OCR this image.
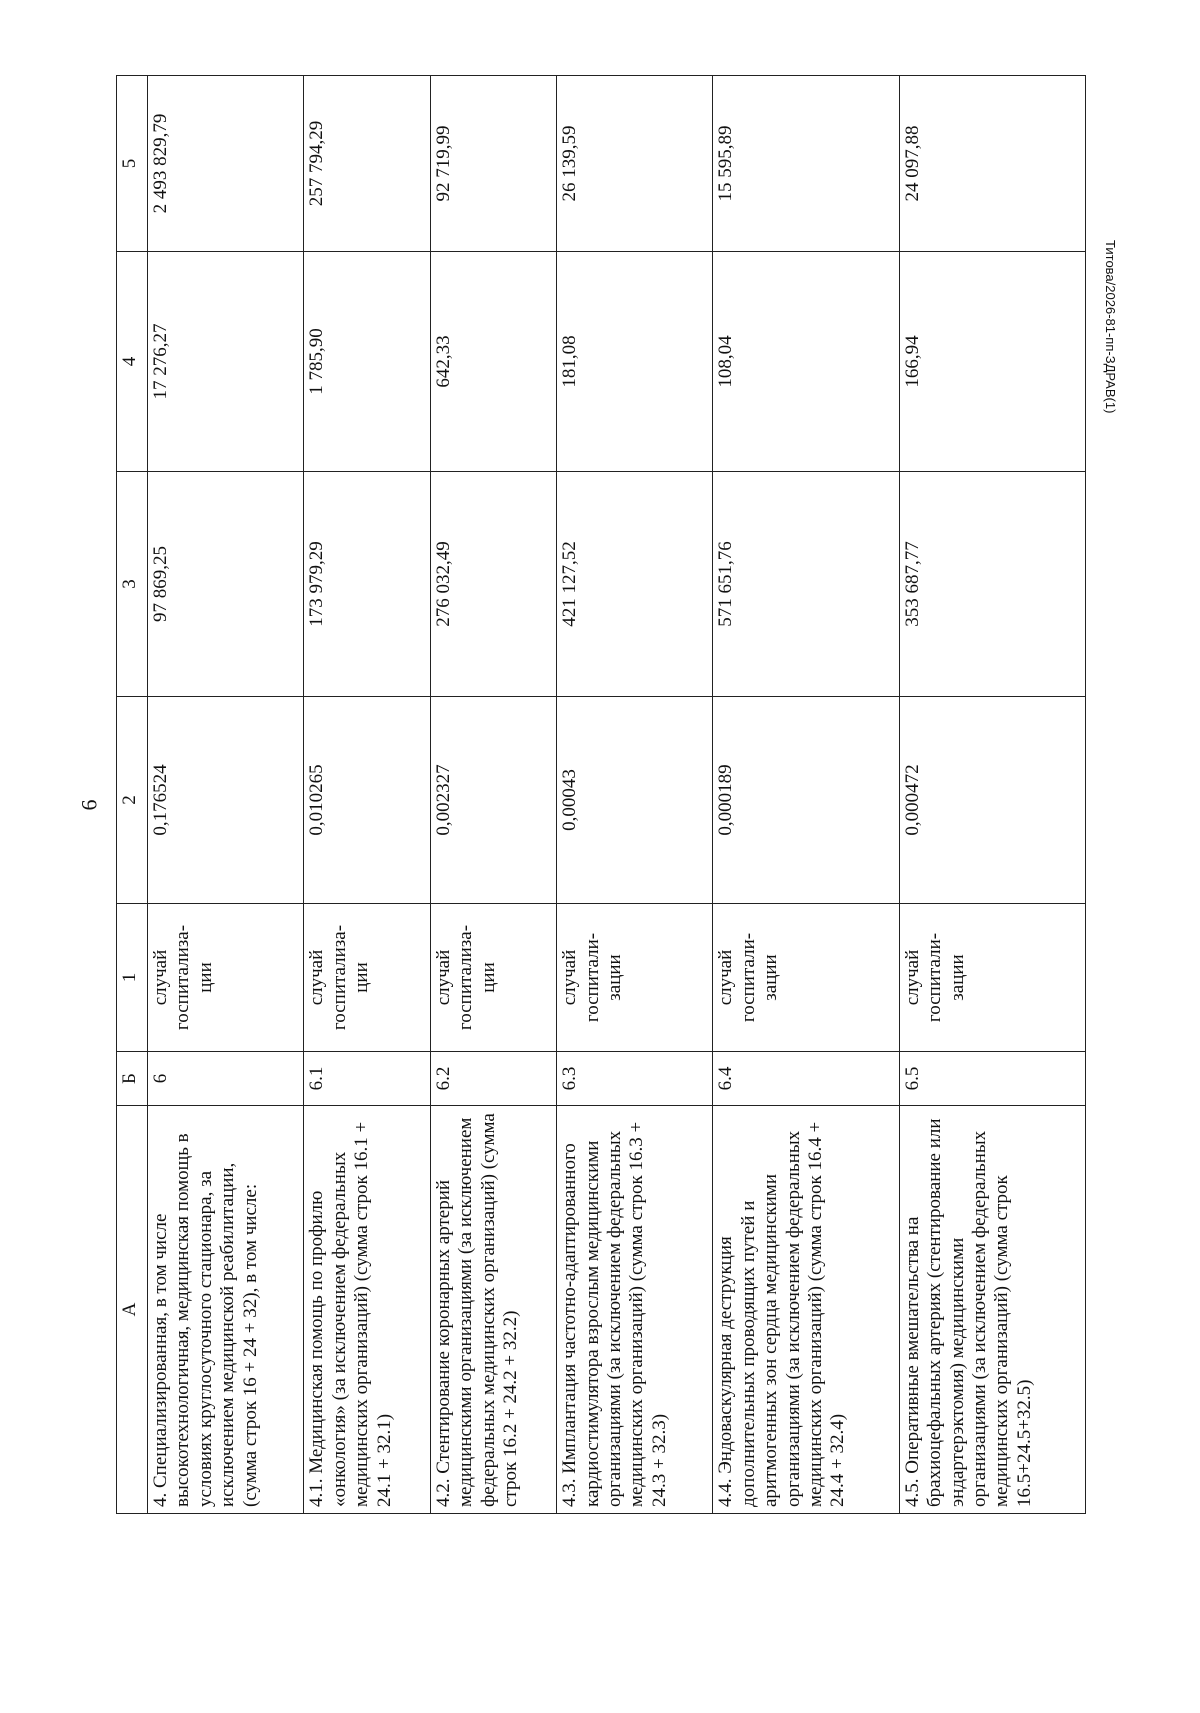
6
Титова/2026-81-пп-ЗДРАВ(1)
А	Б	1	2	3	4	5
4. Специализированная, в том числе высокотехнологичная, медицинская помощь в условиях круглосуточного стационара, за исключением медицинской реабилитации, (сумма строк 16 + 24 + 32), в том числе:	6	случай госпитализа-ции	0,176524	97 869,25	17 276,27	2 493 829,79
4.1. Медицинская помощь по профилю «онкология» (за исключением федеральных медицинских организаций) (сумма строк 16.1 + 24.1 + 32.1)	6.1	случай госпитализа-ции	0,010265	173 979,29	1 785,90	257 794,29
4.2. Стентирование коронарных артерий медицинскими организациями (за исключением федеральных медицинских организаций) (сумма строк 16.2 + 24.2 + 32.2)	6.2	случай госпитализа-ции	0,002327	276 032,49	642,33	92 719,99
4.3. Имплантация частотно-адаптированного кардиостимулятора взрослым медицинскими организациями (за исключением федеральных медицинских организаций) (сумма строк 16.3 + 24.3 + 32.3)	6.3	случай госпитали-зации	0,00043	421 127,52	181,08	26 139,59
4.4. Эндоваскулярная деструкция дополнительных проводящих путей и аритмогенных зон сердца медицинскими организациями (за исключением федеральных медицинских организаций) (сумма строк 16.4 + 24.4 + 32.4)	6.4	случай госпитали-зации	0,000189	571 651,76	108,04	15 595,89
4.5. Оперативные вмешательства на брахиоцефальных артериях (стентирование или эндартерэктомия) медицинскими организациями (за исключением федеральных медицинских организаций) (сумма строк 16.5+24.5+32.5)	6.5	случай госпитали-зации	0,000472	353 687,77	166,94	24 097,88
